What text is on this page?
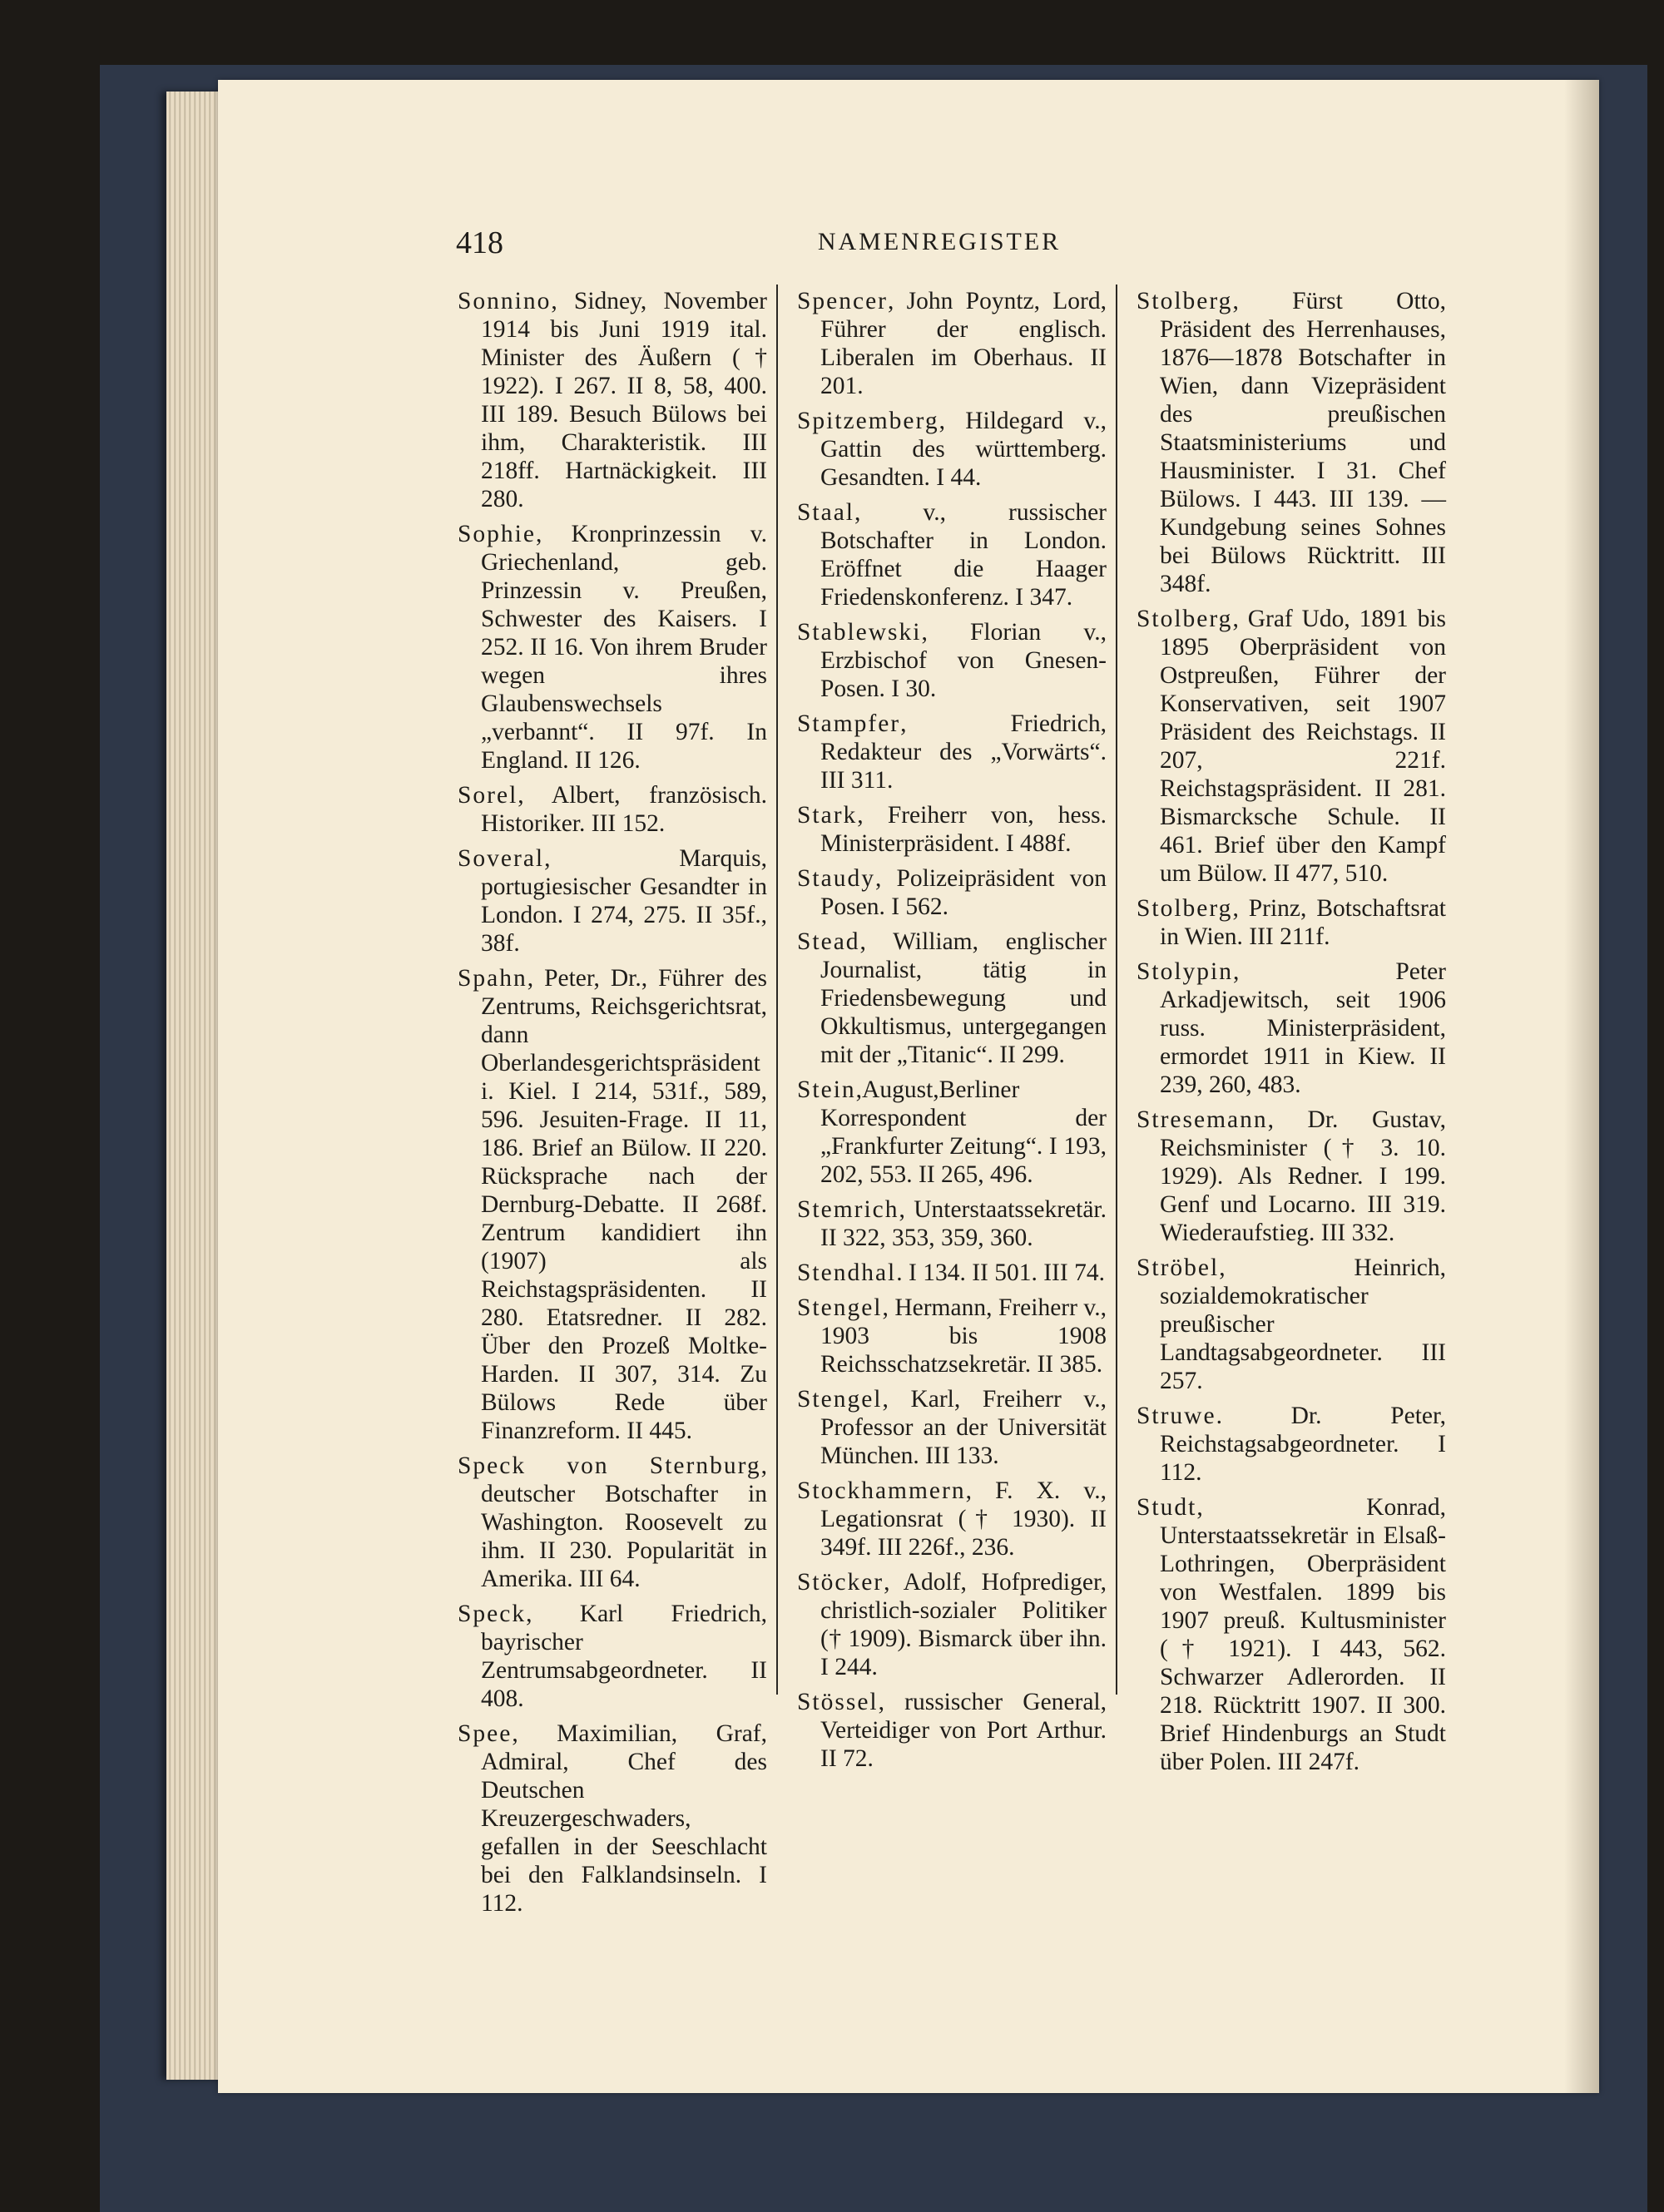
418	NAMENREGISTER

Sonnino, Sidney, November 1914 bis Juni 1919 ital. Minister des Äußern († 1922). I 267. II 8, 58, 400. III 189. Besuch Bülows bei ihm, Charakteristik. III 218ff. Hartnäckigkeit. III 280.

Sophie, Kronprinzessin v. Griechenland, geb. Prinzessin v. Preußen, Schwester des Kaisers. I 252. II 16. Von ihrem Bruder wegen ihres Glaubenswechsels „verbannt“. II 97f. In England. II 126.

Sorel, Albert, französisch. Historiker. III 152.

Soveral, Marquis, portugiesischer Gesandter in London. I 274, 275. II 35f., 38f.

Spahn, Peter, Dr., Führer des Zentrums, Reichsgerichtsrat, dann Oberlandesgerichtspräsident i. Kiel. I 214, 531f., 589, 596. Jesuiten-Frage. II 11, 186. Brief an Bülow. II 220. Rücksprache nach der Dernburg-Debatte. II 268f. Zentrum kandidiert ihn (1907) als Reichstagspräsidenten. II 280. Etatsredner. II 282. Über den Prozeß Moltke-Harden. II 307, 314. Zu Bülows Rede über Finanzreform. II 445.

Speck von Sternburg, deutscher Botschafter in Washington. Roosevelt zu ihm. II 230. Popularität in Amerika. III 64.

Speck, Karl Friedrich, bayrischer Zentrumsabgeordneter. II 408.

Spee, Maximilian, Graf, Admiral, Chef des Deutschen Kreuzergeschwaders, gefallen in der Seeschlacht bei den Falklandsinseln. I 112.

Spencer, John Poyntz, Lord, Führer der englisch. Liberalen im Oberhaus. II 201.

Spitzemberg, Hildegard v., Gattin des württemberg. Gesandten. I 44.

Staal, v., russischer Botschafter in London. Eröffnet die Haager Friedenskonferenz. I 347.

Stablewski, Florian v., Erzbischof von Gnesen-Posen. I 30.

Stampfer, Friedrich, Redakteur des „Vorwärts“. III 311.

Stark, Freiherr von, hess. Ministerpräsident. I 488f.

Staudy, Polizeipräsident von Posen. I 562.

Stead, William, englischer Journalist, tätig in Friedensbewegung und Okkultismus, untergegangen mit der „Titanic“. II 299.

Stein,August,Berliner Korrespondent der „Frankfurter Zeitung“. I 193, 202, 553. II 265, 496.

Stemrich, Unterstaatssekretär. II 322, 353, 359, 360.

Stendhal. I 134. II 501. III 74.

Stengel, Hermann, Freiherr v., 1903 bis 1908 Reichsschatzsekretär. II 385.

Stengel, Karl, Freiherr v., Professor an der Universität München. III 133.

Stockhammern, F. X. v., Legationsrat († 1930). II 349f. III 226f., 236.

Stöcker, Adolf, Hofprediger, christlich-sozialer Politiker († 1909). Bismarck über ihn. I 244.

Stössel, russischer General, Verteidiger von Port Arthur. II 72.

Stolberg, Fürst Otto, Präsident des Herrenhauses, 1876—1878 Botschafter in Wien, dann Vizepräsident des preußischen Staatsministeriums und Hausminister. I 31. Chef Bülows. I 443. III 139. — Kundgebung seines Sohnes bei Bülows Rücktritt. III 348f.

Stolberg, Graf Udo, 1891 bis 1895 Oberpräsident von Ostpreußen, Führer der Konservativen, seit 1907 Präsident des Reichstags. II 207, 221f. Reichstagspräsident. II 281. Bismarcksche Schule. II 461. Brief über den Kampf um Bülow. II 477, 510.

Stolberg, Prinz, Botschaftsrat in Wien. III 211f.

Stolypin, Peter Arkadjewitsch, seit 1906 russ. Ministerpräsident, ermordet 1911 in Kiew. II 239, 260, 483.

Stresemann, Dr. Gustav, Reichsminister († 3. 10. 1929). Als Redner. I 199. Genf und Locarno. III 319. Wiederaufstieg. III 332.

Ströbel, Heinrich, sozialdemokratischer preußischer Landtagsabgeordneter. III 257.

Struwe. Dr. Peter, Reichstagsabgeordneter. I 112.

Studt, Konrad, Unterstaatssekretär in Elsaß-Lothringen, Oberpräsident von Westfalen. 1899 bis 1907 preuß. Kultusminister († 1921). I 443, 562. Schwarzer Adlerorden. II 218. Rücktritt 1907. II 300. Brief Hindenburgs an Studt über Polen. III 247f.
